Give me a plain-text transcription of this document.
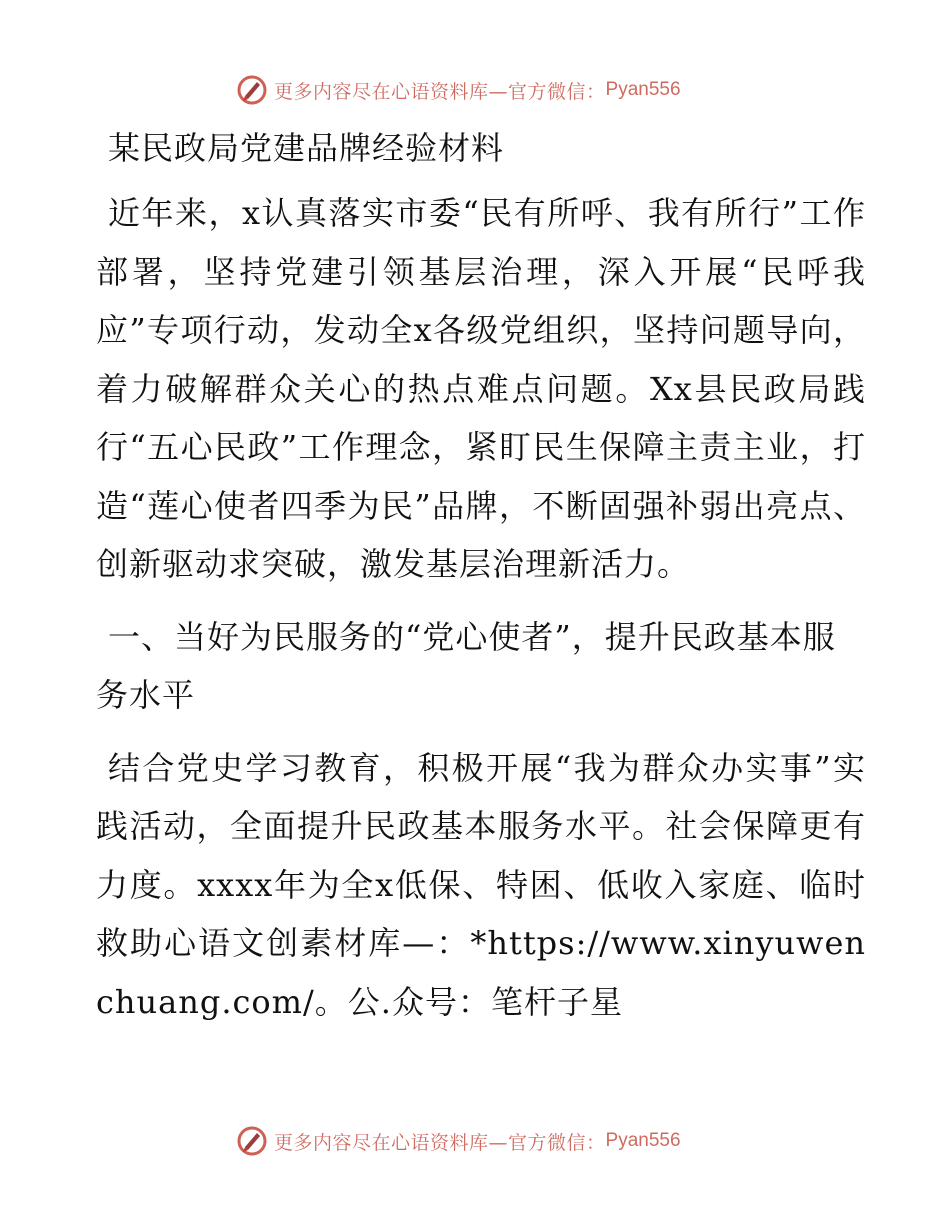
更多内容尽在心语资料库—官方微信： Pyan556
某民政局党建品牌经验材料

近年来，x认真落实市委“民有所呼、我有所行”工作部署，坚持党建引领基层治理，深入开展“民呼我应”专项行动，发动全x各级党组织，坚持问题导向，着力破解群众关心的热点难点问题。Xx县民政局践行“五心民政”工作理念，紧盯民生保障主责主业，打造“莲心使者四季为民”品牌，不断固强补弱出亮点、创新驱动求突破，激发基层治理新活力。

一、当好为民服务的“党心使者”，提升民政基本服务水平

结合党史学习教育，积极开展“我为群众办实事”实践活动，全面提升民政基本服务水平。社会保障更有力度。xxxx年为全x低保、特困、低收入家庭、临时救助心语文创素材库—：*https://www.xinyuwenchuang.com/。公.众号：笔杆子星

更多内容尽在心语资料库—官方微信： Pyan556
